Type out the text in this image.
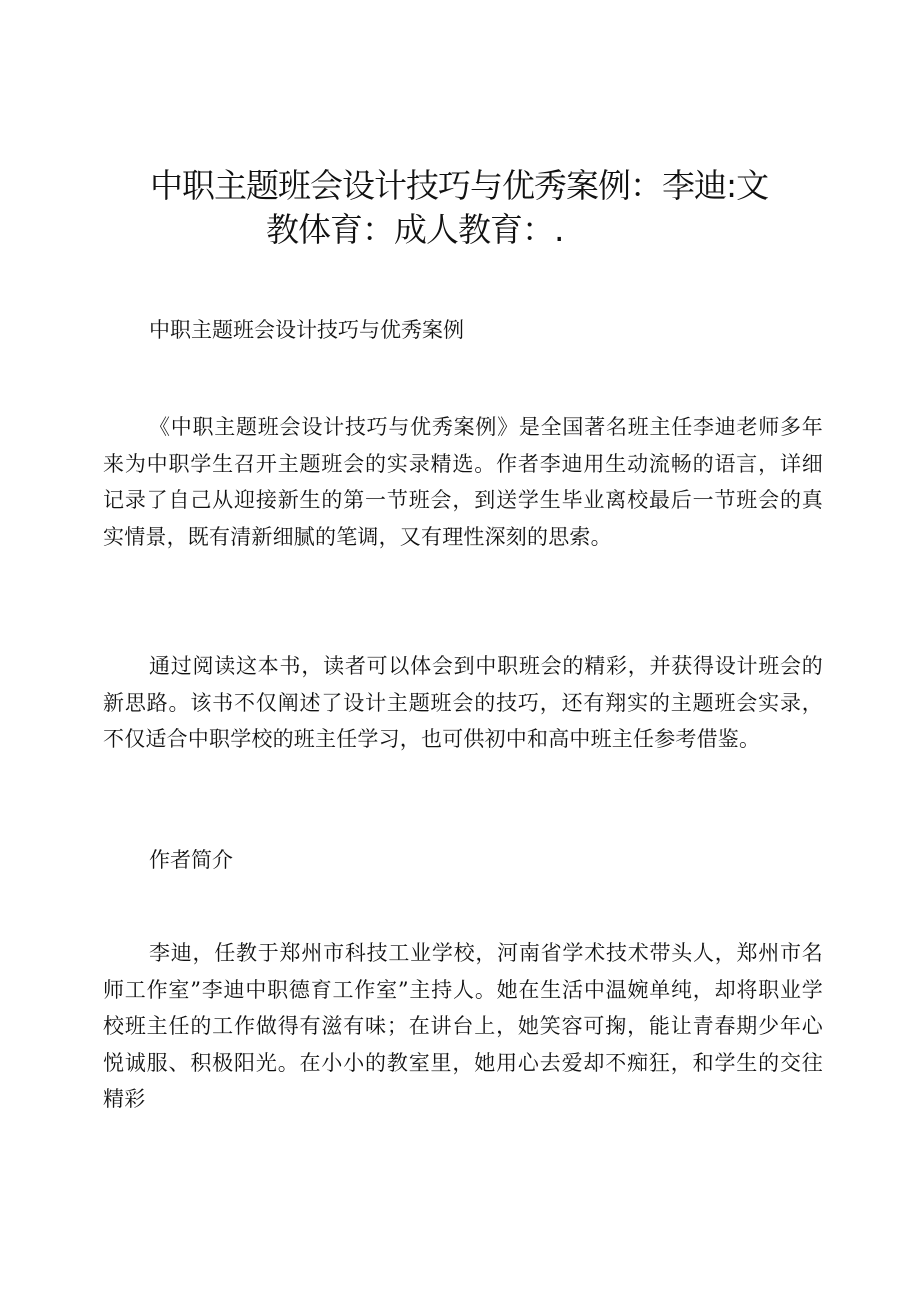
中职主题班会设计技巧与优秀案例：李迪:文
教体育：成人教育：.

中职主题班会设计技巧与优秀案例

《中职主题班会设计技巧与优秀案例》是全国著名班主任李迪老师多年来为中职学生召开主题班会的实录精选。作者李迪用生动流畅的语言，详细记录了自己从迎接新生的第一节班会，到送学生毕业离校最后一节班会的真实情景，既有清新细腻的笔调，又有理性深刻的思索。

通过阅读这本书，读者可以体会到中职班会的精彩，并获得设计班会的新思路。该书不仅阐述了设计主题班会的技巧，还有翔实的主题班会实录，不仅适合中职学校的班主任学习，也可供初中和高中班主任参考借鉴。

作者简介

李迪，任教于郑州市科技工业学校，河南省学术技术带头人，郑州市名师工作室”李迪中职德育工作室”主持人。她在生活中温婉单纯，却将职业学校班主任的工作做得有滋有味；在讲台上，她笑容可掬，能让青春期少年心悦诚服、积极阳光。在小小的教室里，她用心去爱却不痴狂，和学生的交往精彩
